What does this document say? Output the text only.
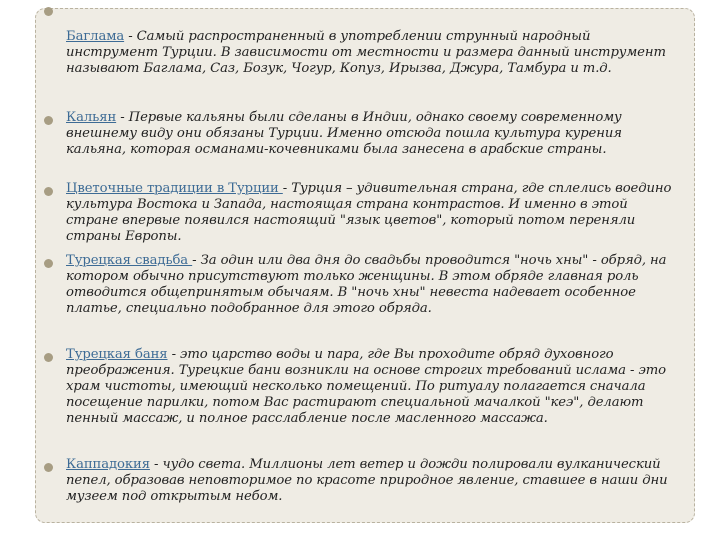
Баглама - Самый распространенный в употреблении струнный народный инструмент Турции. В зависимости от местности и размера данный инструмент называют Баглама, Саз, Бозук, Чогур, Копуз, Ирызва, Джура, Тамбура и т.д.
Кальян - Первые кальяны были сделаны в Индии, однако своему современному внешнему виду они обязаны Турции. Именно отсюда пошла культура курения кальяна, которая османами-кочевниками была занесена в арабские страны.
Цветочные традиции в Турции - Турция – удивительная страна, где сплелись воедино культура Востока и Запада, настоящая страна контрастов. И именно в этой стране впервые появился настоящий "язык цветов", который потом переняли страны Европы.
Турецкая свадьба - За один или два дня до свадьбы проводится "ночь хны" - обряд, на котором обычно присутствуют только женщины. В этом обряде главная роль отводится общепринятым обычаям. В "ночь хны" невеста надевает особенное платье, специально подобранное для этого обряда.
Турецкая баня - это царство воды и пара, где Вы проходите обряд духовного преображения. Турецкие бани возникли на основе строгих требований ислама - это храм чистоты, имеющий несколько помещений. По ритуалу полагается сначала посещение парилки, потом Вас растирают специальной мачалкой "кеэ", делают пенный массаж, и полное расслабление после масленного массажа.
Каппадокия - чудо света. Миллионы лет ветер и дожди полировали вулканический пепел, образовав неповторимое по красоте природное явление, ставшее в наши дни музеем под открытым небом.
